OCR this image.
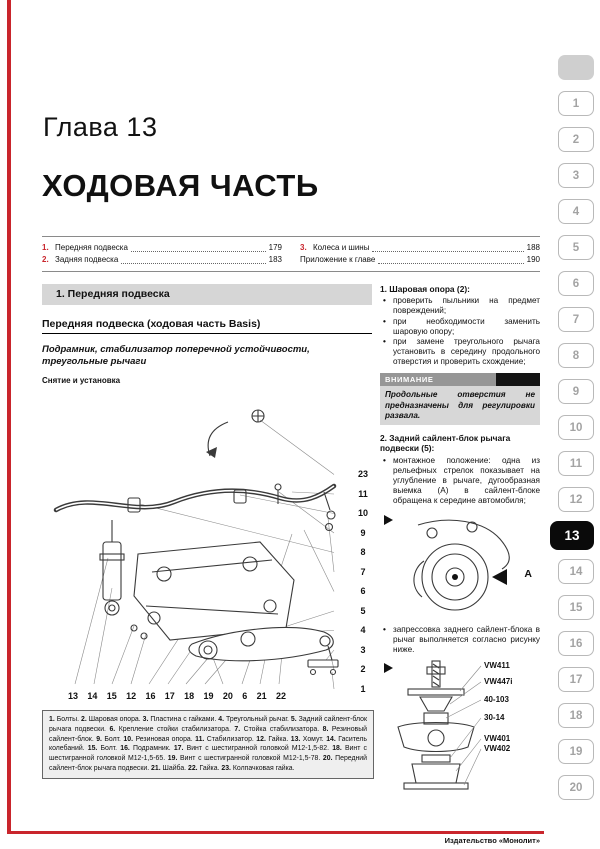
Глава 13
ХОДОВАЯ ЧАСТЬ
1. Передняя подвеска	179
2. Задняя подвеска	183
3. Колеса и шины	188
Приложение к главе	190
1. Передняя подвеска
Передняя подвеска (ходовая часть Basis)
Подрамник, стабилизатор поперечной устойчивости, треугольные рычаги
Снятие и установка
23
11
10
9
8
7
6
5
4
3
2
1
13 14 15 12 16 17 18 19 20 6 21 22
1. Болты. 2. Шаровая опора. 3. Пластина с гайками. 4. Треугольный рычаг. 5. Задний сайлент-блок рычага подвески. 6. Крепление стойки стабилизатора. 7. Стойка стабилизатора. 8. Резиновый сайлент-блок. 9. Болт. 10. Резиновая опора. 11. Стабилизатор. 12. Гайка. 13. Хомут. 14. Гаситель колебаний. 15. Болт. 16. Подрамник. 17. Винт с шестигранной головкой М12-1,5-82. 18. Винт с шестигранной головкой М12-1,5-65. 19. Винт с шестигранной головкой М12-1,5-78. 20. Передний сайлент-блок рычага подвески. 21. Шайба. 22. Гайка. 23. Колпачковая гайка.
1. Шаровая опора (2):
• проверить пыльники на предмет повреждений;
• при необходимости заменить шаровую опору;
• при замене треугольного рычага установить в середину продольного отверстия и проверить схождение;
ВНИМАНИЕ
Продольные отверстия не предназначены для регулировки развала.
2. Задний сайлент-блок рычага подвески (5):
• монтажное положение: одна из рельефных стрелок показывает на углубление в рычаге, дугообразная выемка (А) в сайлент-блоке обращена к середине автомобиля;
A
• запрессовка заднего сайлент-блока в рычаг выполняется согласно рисунку ниже.
VW411
VW447i
40-103
30-14
VW401
VW402
1
2
3
4
5
6
7
8
9
10
11
12
13
14
15
16
17
18
19
20
Издательство «Монолит»
